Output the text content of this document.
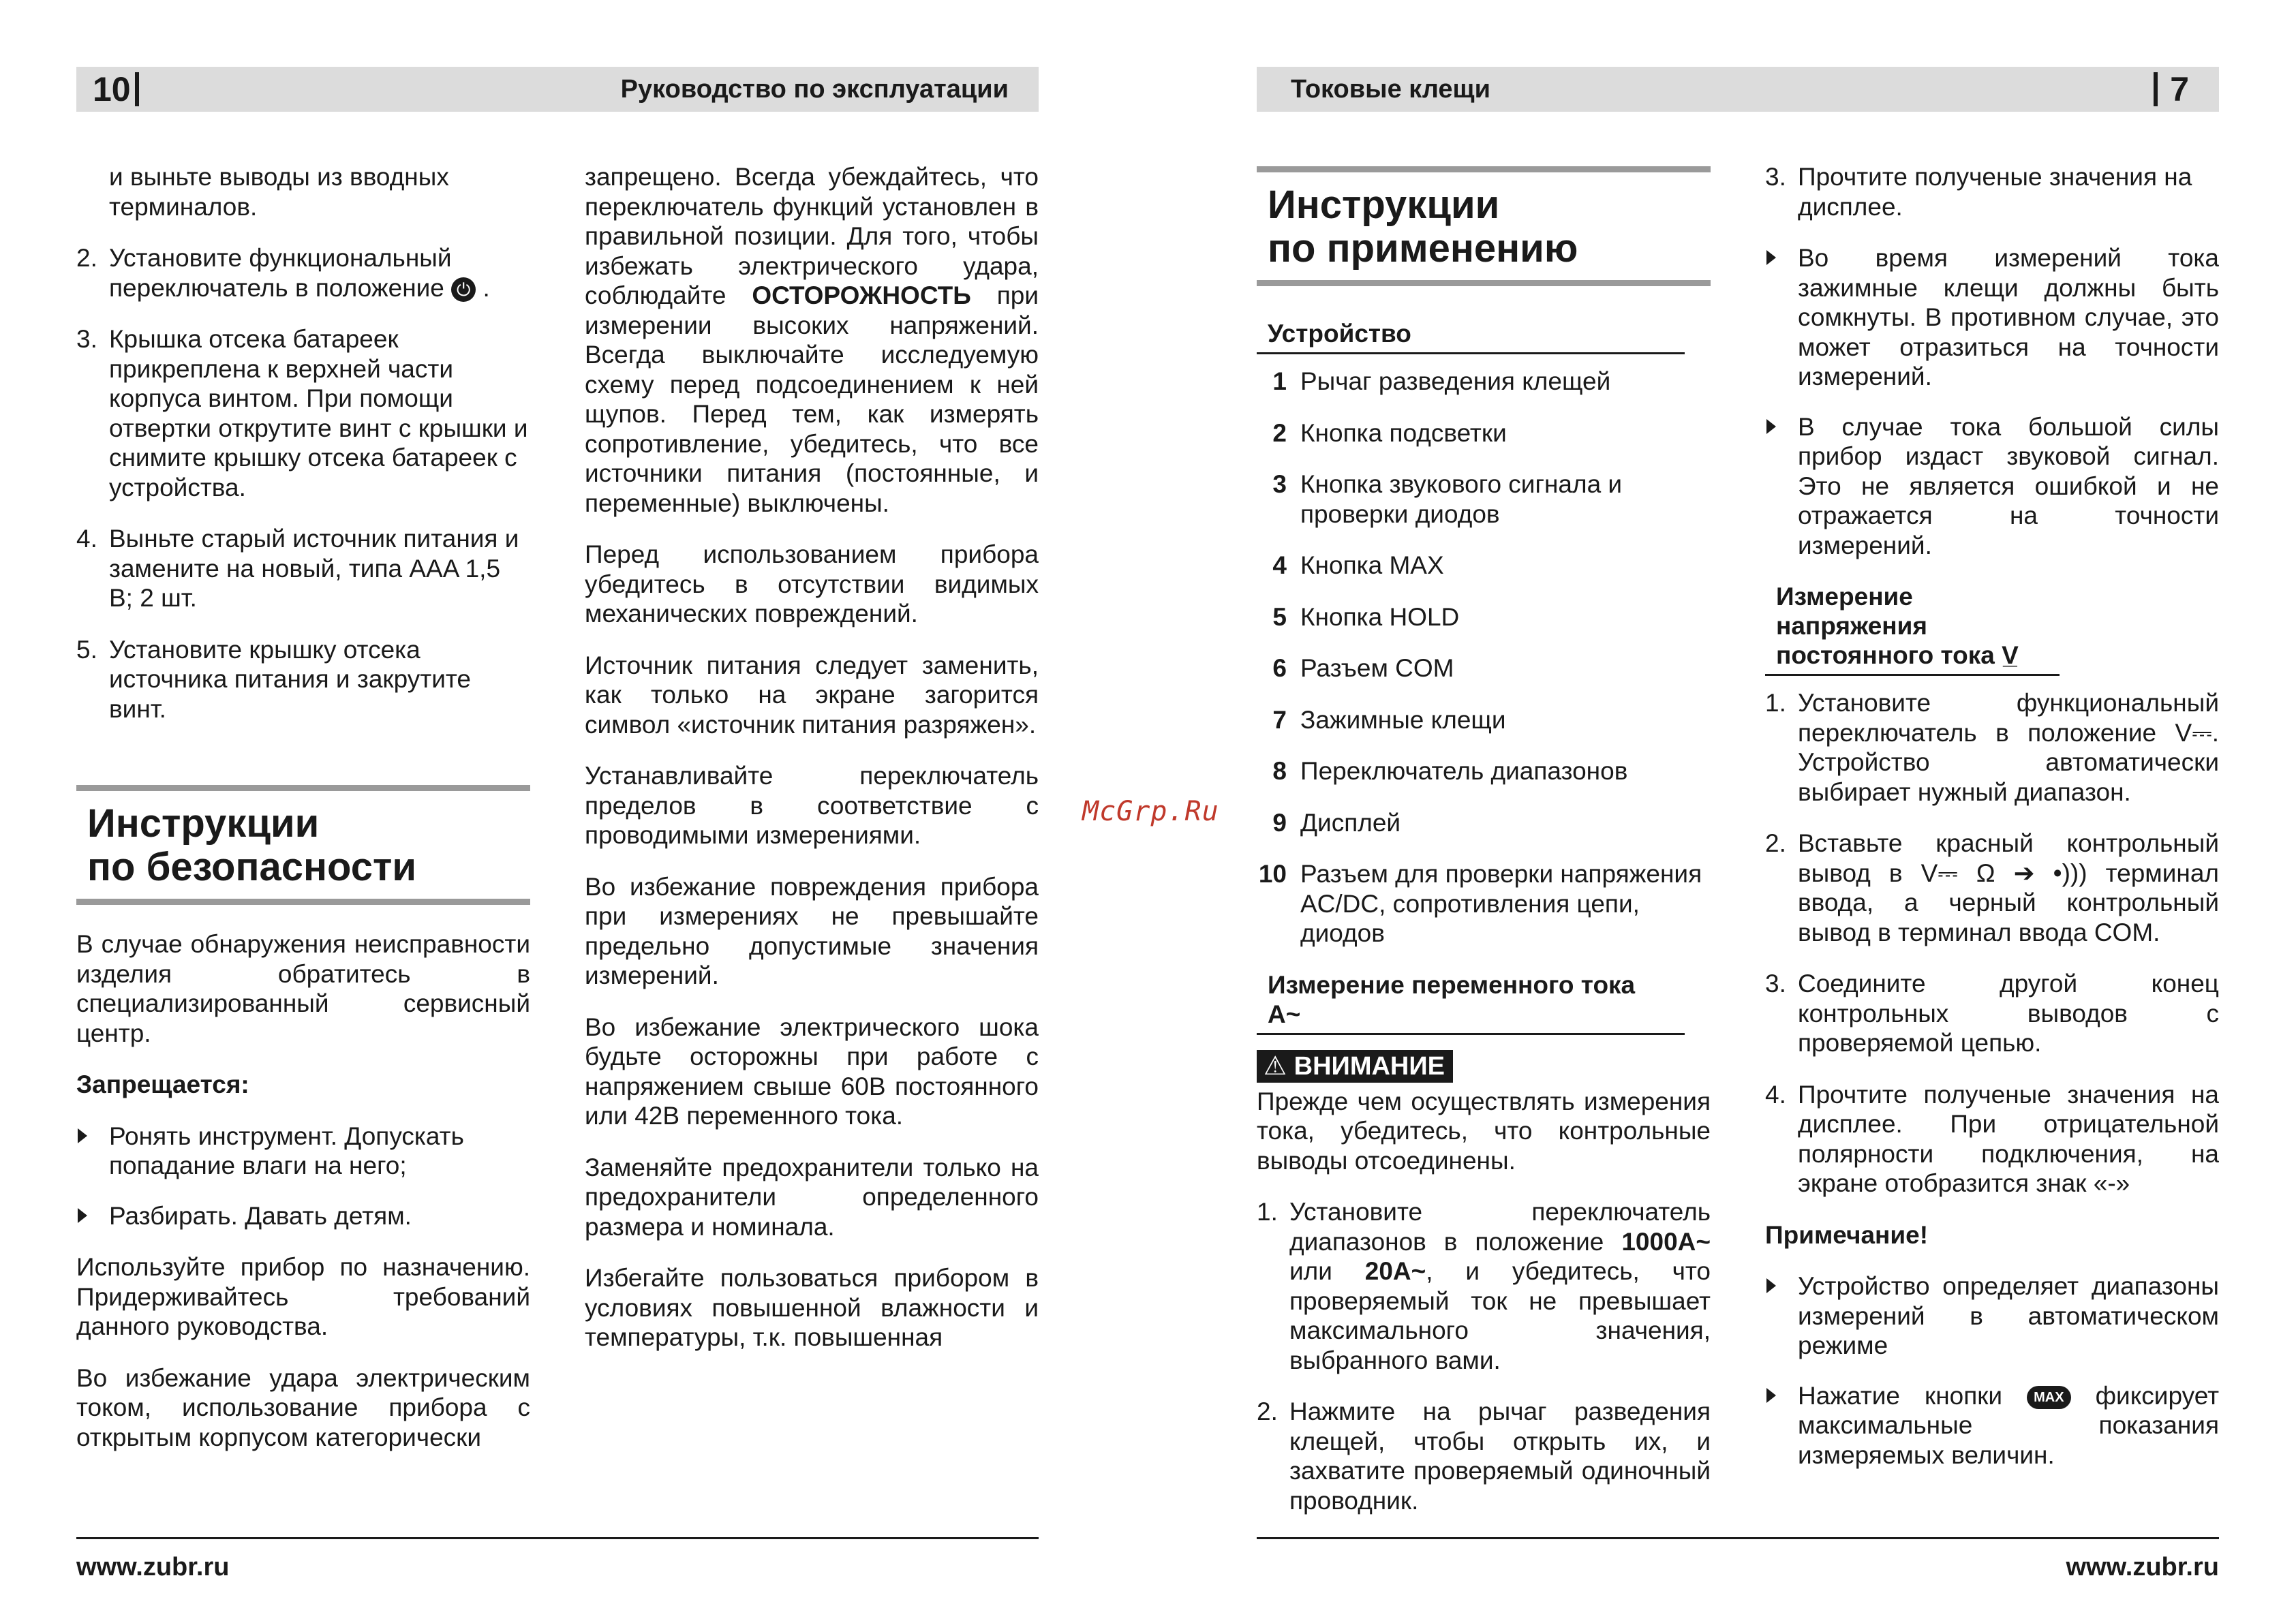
10	Руководство по эксплуатации

и выньте выводы из вводных терминалов.

2. Установите функциональный переключатель в положение ⏻ .
3. Крышка отсека батареек прикреплена к верхней части корпуса винтом. При помощи отвертки открутите винт с крышки и снимите крышку отсека батареек с устройства.
4. Выньте старый источник питания и замените на новый, типа AAA 1,5 В; 2 шт.
5. Установите крышку отсека источника питания и закрутите винт.
Инструкции
по безопасности

В случае обнаружения неисправности изделия обратитесь в специализированный сервисный центр.

Запрещается:

Ронять инструмент. Допускать попадание влаги на него;
Разбирать. Давать детям.

Используйте прибор по назначению. Придерживайтесь требований данного руководства.

Во избежание удара электрическим током, использование прибора с открытым корпусом категорически

запрещено. Всегда убеждайтесь, что переключатель функций установлен в правильной позиции. Для того, чтобы избежать электрического удара, соблюдайте ОСТОРОЖНОСТЬ при измерении высоких напряжений. Всегда выключайте исследуемую схему перед подсоединением к ней щупов. Перед тем, как измерять сопротивление, убедитесь, что все источники питания (постоянные, и переменные) выключены.

Перед использованием прибора убедитесь в отсутствии видимых механических повреждений.

Источник питания следует заменить, как только на экране загорится символ «источник питания разряжен».

Устанавливайте переключатель пределов в соответствие с проводимыми измерениями.

Во избежание повреждения прибора при измерениях не превышайте предельно допустимые значения измерений.

Во избежание электрического шока будьте осторожны при работе с напряжением свыше 60В постоянного или 42В переменного тока.

Заменяйте предохранители только на предохранители определенного размера и номинала.

Избегайте пользоваться прибором в условиях повышенной влажности и температуры, т.к. повышенная

www.zubr.ru
McGrp.Ru
Токовые клещи	7
Инструкции
по применению
Устройство
1 Рычаг разведения клещей
2 Кнопка подсветки
3 Кнопка звукового сигнала и проверки диодов
4 Кнопка MAX
5 Кнопка HOLD
6 Разъем COM
7 Зажимные клещи
8 Переключатель диапазонов
9 Дисплей
10 Разъем для проверки напряжения AC/DC, сопротивления цепи, диодов
Измерение переменного тока A~
⚠ ВНИМАНИЕ

Прежде чем осуществлять измерения тока, убедитесь, что контрольные выводы отсоединены.

1. Установите переключатель диапазонов в положение 1000A~ или 20A~, и убедитесь, что проверяемый ток не превышает максимального значения, выбранного вами.
2. Нажмите на рычаг разведения клещей, чтобы открыть их, и захватите проверяемый одиночный проводник.
3. Прочтите полученые значения на дисплее.
Во время измерений тока зажимные клещи должны быть сомкнуты. В противном случае, это может отразиться на точности измерений.
В случае тока большой силы прибор издаст звуковой сигнал. Это не является ошибкой и не отражается на точности измерений.
Измерение напряжения
постоянного тока V̲
1. Установите функциональный переключатель в положение V⎓. Устройство автоматически выбирает нужный диапазон.
2. Вставьте красный контрольный вывод в V⎓ Ω ➔ •))) терминал ввода, а черный контрольный вывод в терминал ввода COM.
3. Соедините другой конец контрольных выводов с проверяемой цепью.
4. Прочтите полученые значения на дисплее. При отрицательной полярности подключения, на экране отобразится знак «-»

Примечание!

Устройство определяет диапазоны измерений в автоматическом режиме
Нажатие кнопки MAX фиксирует максимальные показания измеряемых величин.
www.zubr.ru
